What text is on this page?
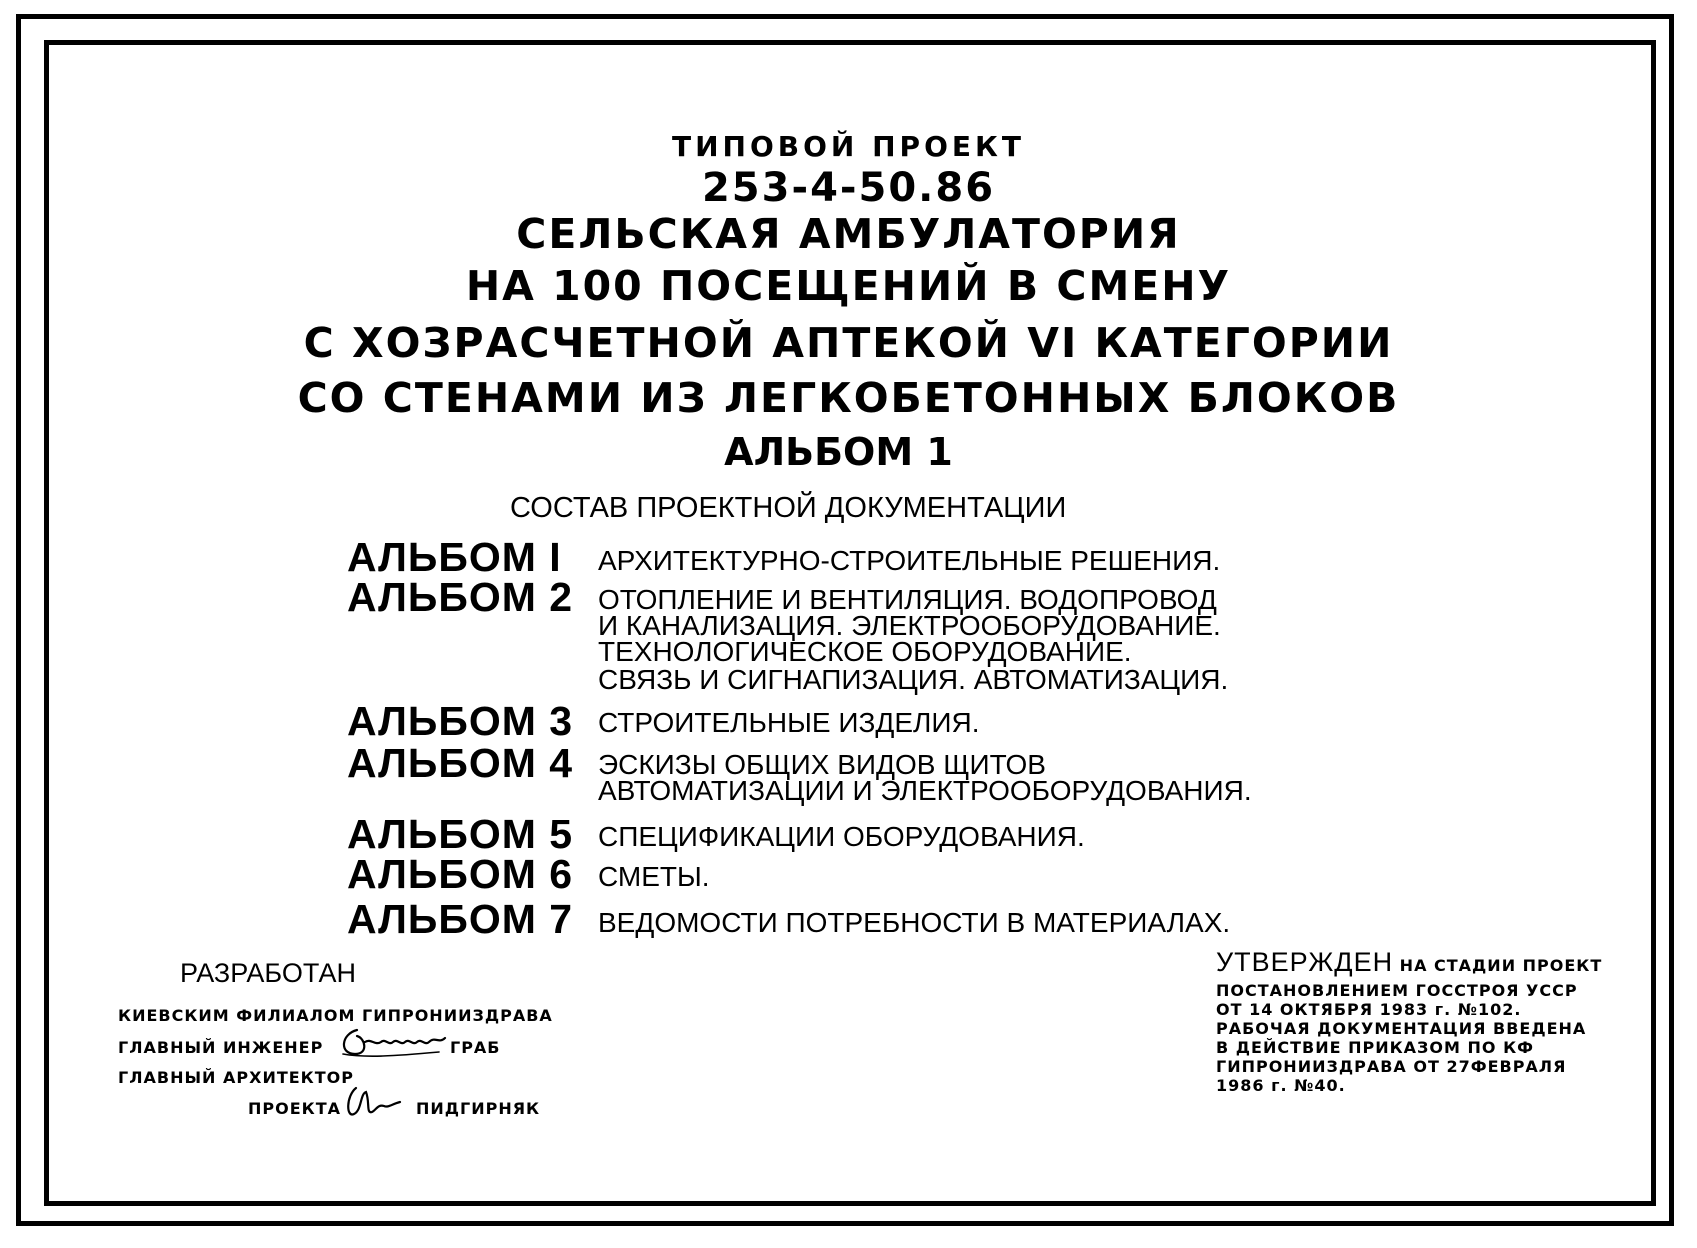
ТИПОВОЙ ПРОЕКТ
253-4-50.86
СЕЛЬСКАЯ АМБУЛАТОРИЯ
НА 100 ПОСЕЩЕНИЙ В СМЕНУ
С ХОЗРАСЧЕТНОЙ АПТЕКОЙ VI КАТЕГОРИИ
СО СТЕНАМИ ИЗ ЛЕГКОБЕТОННЫХ БЛОКОВ
АЛЬБОМ 1
СОСТАВ ПРОЕКТНОЙ ДОКУМЕНТАЦИИ
АЛЬБОМ I АРХИТЕКТУРНО-СТРОИТЕЛЬНЫЕ РЕШЕНИЯ.
АЛЬБОМ 2 ОТОПЛЕНИЕ И ВЕНТИЛЯЦИЯ. ВОДОПРОВОД
И КАНАЛИЗАЦИЯ. ЭЛЕКТРООБОРУДОВАНИЕ.
ТЕХНОЛОГИЧЕСКОЕ ОБОРУДОВАНИЕ.
СВЯЗЬ И СИГНАПИЗАЦИЯ. АВТОМАТИЗАЦИЯ.
АЛЬБОМ 3 СТРОИТЕЛЬНЫЕ ИЗДЕЛИЯ.
АЛЬБОМ 4 ЭСКИЗЫ ОБЩИХ ВИДОВ ЩИТОВ
АВТОМАТИЗАЦИИ И ЭЛЕКТРООБОРУДОВАНИЯ.
АЛЬБОМ 5 СПЕЦИФИКАЦИИ ОБОРУДОВАНИЯ.
АЛЬБОМ 6 СМЕТЫ.
АЛЬБОМ 7 ВЕДОМОСТИ ПОТРЕБНОСТИ В МАТЕРИАЛАХ.
РАЗРАБОТАН
КИЕВСКИМ ФИЛИАЛОМ ГИПРОНИИЗДРАВА
ГЛАВНЫЙ ИНЖЕНЕР	ГРАБ
ГЛАВНЫЙ АРХИТЕКТОР
ПРОЕКТА	ПИДГИРНЯК
УТВЕРЖДЕН НА СТАДИИ ПРОЕКТ
ПОСТАНОВЛЕНИЕМ ГОССТРОЯ УССР
ОТ 14 ОКТЯБРЯ 1983 г. №102.
РАБОЧАЯ ДОКУМЕНТАЦИЯ ВВЕДЕНА
В ДЕЙСТВИЕ ПРИКАЗОМ ПО КФ
ГИПРОНИИЗДРАВА ОТ 27ФЕВРАЛЯ
1986 г. №40.
